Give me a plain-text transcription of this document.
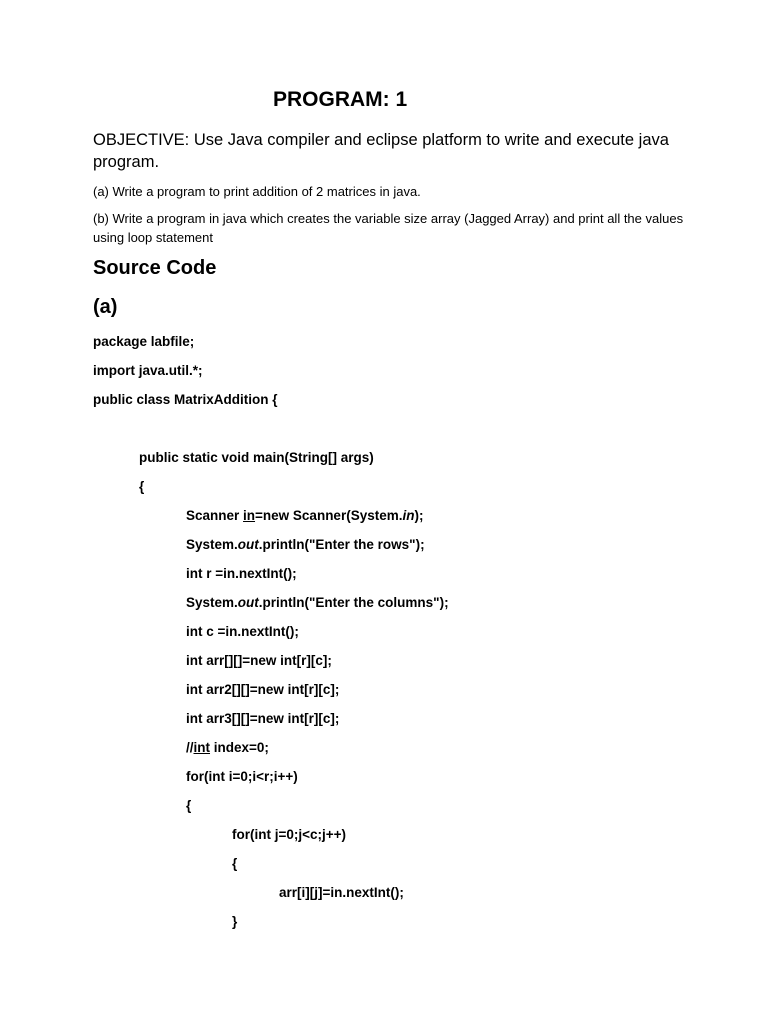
PROGRAM: 1
OBJECTIVE: Use Java compiler and eclipse platform to write and execute java program.
(a) Write a program to print addition of 2 matrices in java.
(b) Write a program in java which creates the variable size array (Jagged Array) and print all the values using loop statement
Source Code
(a)
package labfile;
import java.util.*;
public class MatrixAddition {
public static void main(String[] args)
{
Scanner in=new Scanner(System.in);
System.out.println("Enter the rows");
int r =in.nextInt();
System.out.println("Enter the columns");
int c =in.nextInt();
int arr[][]=new int[r][c];
int arr2[][]=new int[r][c];
int arr3[][]=new int[r][c];
//int index=0;
for(int i=0;i<r;i++)
{
for(int j=0;j<c;j++)
{
arr[i][j]=in.nextInt();
}
